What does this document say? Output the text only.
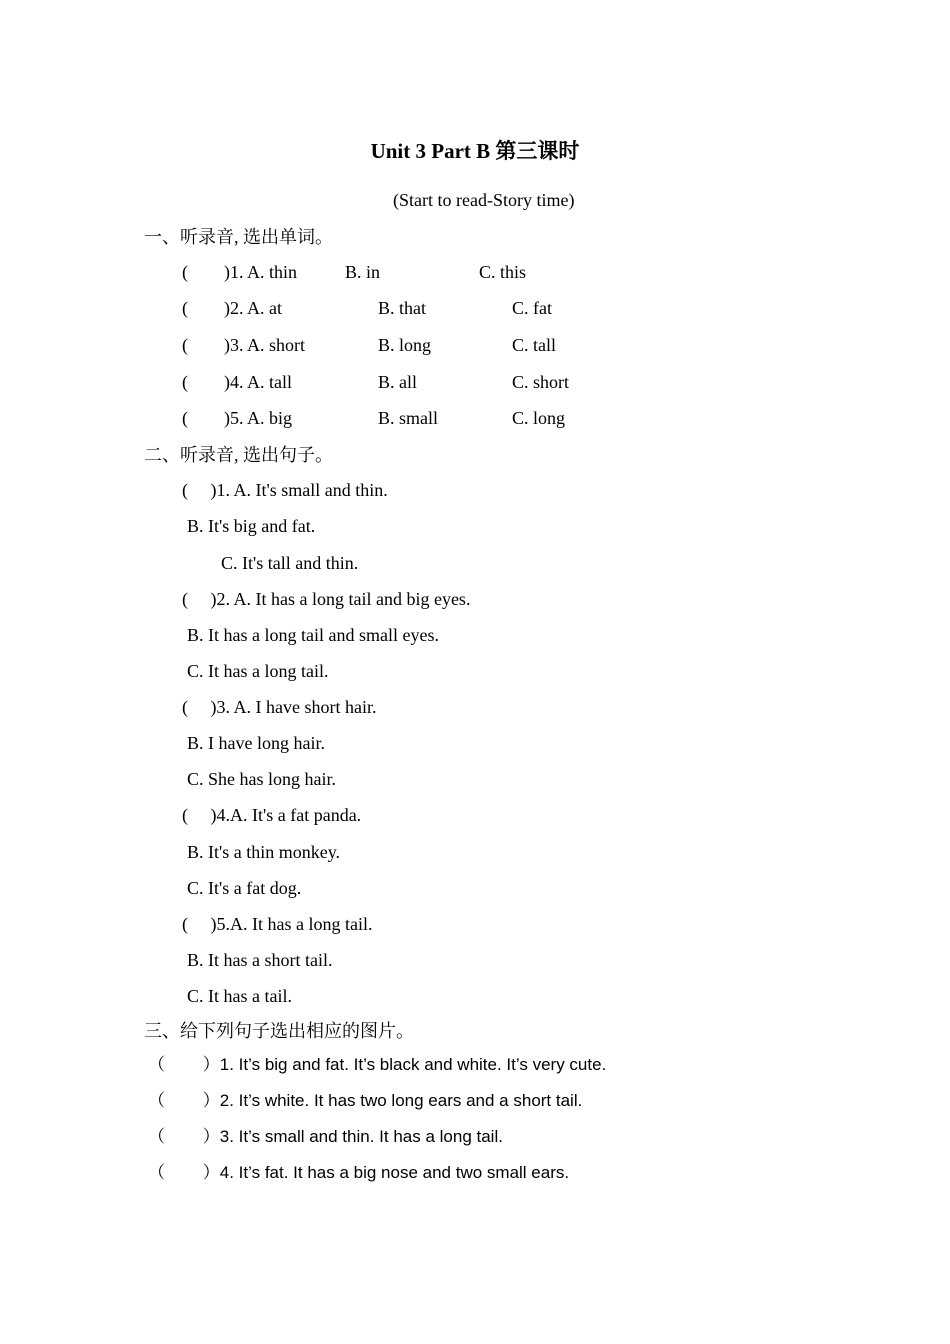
Unit 3 Part B 第三课时
(Start to read-Story time)
一、听录音, 选出单词。
(        )1. A. thin	B. in	C. this
(        )2. A. at	B. that	C. fat
(        )3. A. short	B. long	C. tall
(        )4. A. tall	B. all	C. short
(        )5. A. big	B. small	C. long
二、听录音, 选出句子。
(     )1. A. It's small and thin.
B. It's big and fat.
C. It's tall and thin.
(     )2. A. It has a long tail and big eyes.
B. It has a long tail and small eyes.
C. It has a long tail.
(     )3. A. I have short hair.
B. I have long hair.
C. She has long hair.
(     )4.A. It's a fat panda.
B. It's a thin monkey.
C. It's a fat dog.
(     )5.A. It has a long tail.
B. It has a short tail.
C. It has a tail.
三、给下列句子选出相应的图片。
（        ）1. It’s big and fat. It’s black and white. It’s very cute.
（        ）2. It’s white. It has two long ears and a short tail.
（        ）3. It’s small and thin. It has a long tail.
（        ）4. It’s fat. It has a big nose and two small ears.
